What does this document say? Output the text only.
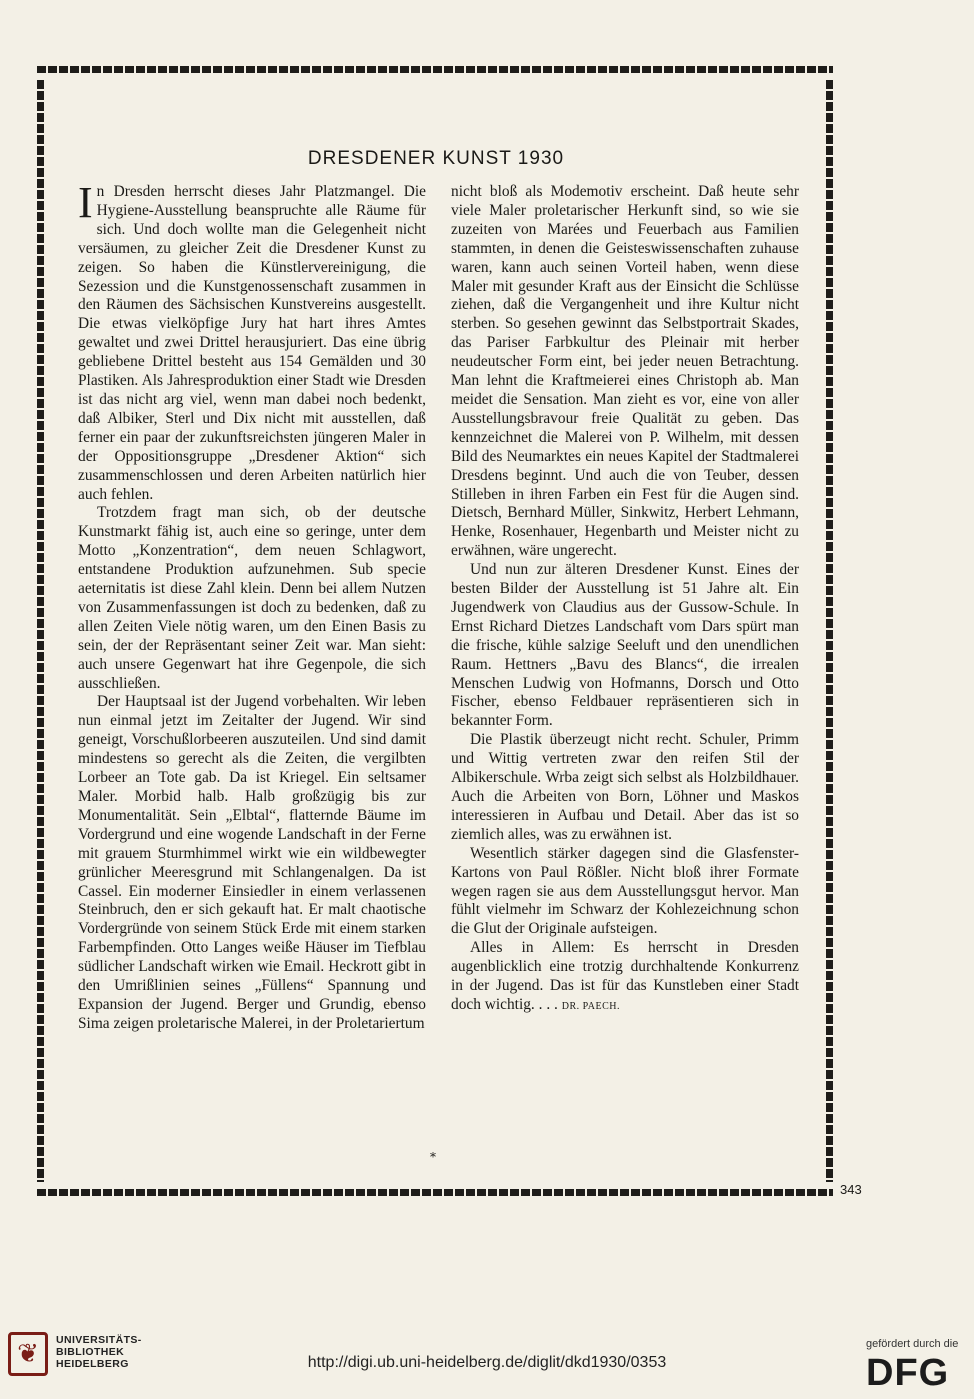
DRESDENER KUNST 1930

In Dresden herrscht dieses Jahr Platzmangel. Die Hygiene-Ausstellung beanspruchte alle Räume für sich. Und doch wollte man die Gelegenheit nicht versäumen, zu gleicher Zeit die Dresdener Kunst zu zeigen. So haben die Künstlervereinigung, die Sezession und die Kunstgenossenschaft zusammen in den Räumen des Sächsischen Kunstvereins ausgestellt. Die etwas vielköpfige Jury hat hart ihres Amtes gewaltet und zwei Drittel herausjuriert. Das eine übrig gebliebene Drittel besteht aus 154 Gemälden und 30 Plastiken. Als Jahresproduktion einer Stadt wie Dresden ist das nicht arg viel, wenn man dabei noch bedenkt, daß Albiker, Sterl und Dix nicht mit ausstellen, daß ferner ein paar der zukunftsreichsten jüngeren Maler in der Oppositionsgruppe „Dresdener Aktion“ sich zusammenschlossen und deren Arbeiten natürlich hier auch fehlen.

Trotzdem fragt man sich, ob der deutsche Kunstmarkt fähig ist, auch eine so geringe, unter dem Motto „Konzentration“, dem neuen Schlagwort, entstandene Produktion aufzunehmen. Sub specie aeternitatis ist diese Zahl klein. Denn bei allem Nutzen von Zusammenfassungen ist doch zu bedenken, daß zu allen Zeiten Viele nötig waren, um den Einen Basis zu sein, der der Repräsentant seiner Zeit war. Man sieht: auch unsere Gegenwart hat ihre Gegenpole, die sich ausschließen.

Der Hauptsaal ist der Jugend vorbehalten. Wir leben nun einmal jetzt im Zeitalter der Jugend. Wir sind geneigt, Vorschußlorbeeren auszuteilen. Und sind damit mindestens so gerecht als die Zeiten, die vergilbten Lorbeer an Tote gab. Da ist Kriegel. Ein seltsamer Maler. Morbid halb. Halb großzügig bis zur Monumentalität. Sein „Elbtal“, flatternde Bäume im Vordergrund und eine wogende Landschaft in der Ferne mit grauem Sturmhimmel wirkt wie ein wildbewegter grünlicher Meeresgrund mit Schlangenalgen. Da ist Cassel. Ein moderner Einsiedler in einem verlassenen Steinbruch, den er sich gekauft hat. Er malt chaotische Vordergründe von seinem Stück Erde mit einem starken Farbempfinden. Otto Langes weiße Häuser im Tiefblau südlicher Landschaft wirken wie Email. Heckrott gibt in den Umrißlinien seines „Füllens“ Spannung und Expansion der Jugend. Berger und Grundig, ebenso Sima zeigen proletarische Malerei, in der Proletariertum

nicht bloß als Modemotiv erscheint. Daß heute sehr viele Maler proletarischer Herkunft sind, so wie sie zuzeiten von Marées und Feuerbach aus Familien stammten, in denen die Geisteswissenschaften zuhause waren, kann auch seinen Vorteil haben, wenn diese Maler mit gesunder Kraft aus der Einsicht die Schlüsse ziehen, daß die Vergangenheit und ihre Kultur nicht sterben. So gesehen gewinnt das Selbstportrait Skades, das Pariser Farbkultur des Pleinair mit herber neudeutscher Form eint, bei jeder neuen Betrachtung. Man lehnt die Kraftmeierei eines Christoph ab. Man meidet die Sensation. Man zieht es vor, eine von aller Ausstellungsbravour freie Qualität zu geben. Das kennzeichnet die Malerei von P. Wilhelm, mit dessen Bild des Neumarktes ein neues Kapitel der Stadtmalerei Dresdens beginnt. Und auch die von Teuber, dessen Stilleben in ihren Farben ein Fest für die Augen sind. Dietsch, Bernhard Müller, Sinkwitz, Herbert Lehmann, Henke, Rosenhauer, Hegenbarth und Meister nicht zu erwähnen, wäre ungerecht.

Und nun zur älteren Dresdener Kunst. Eines der besten Bilder der Ausstellung ist 51 Jahre alt. Ein Jugendwerk von Claudius aus der Gussow-Schule. In Ernst Richard Dietzes Landschaft vom Dars spürt man die frische, kühle salzige Seeluft und den unendlichen Raum. Hettners „Bavu des Blancs“, die irrealen Menschen Ludwig von Hofmanns, Dorsch und Otto Fischer, ebenso Feldbauer repräsentieren sich in bekannter Form.

Die Plastik überzeugt nicht recht. Schuler, Primm und Wittig vertreten zwar den reifen Stil der Albikerschule. Wrba zeigt sich selbst als Holzbildhauer. Auch die Arbeiten von Born, Löhner und Maskos interessieren in Aufbau und Detail. Aber das ist so ziemlich alles, was zu erwähnen ist.

Wesentlich stärker dagegen sind die Glasfenster-Kartons von Paul Rößler. Nicht bloß ihrer Formate wegen ragen sie aus dem Ausstellungsgut hervor. Man fühlt vielmehr im Schwarz der Kohlezeichnung schon die Glut der Originale aufsteigen.

Alles in Allem: Es herrscht in Dresden augenblicklich eine trotzig durchhaltende Konkurrenz in der Jugend. Das ist für das Kunstleben einer Stadt doch wichtig. . . . DR. PAECH.

*
343
❦	UNIVERSITÄTS-
BIBLIOTHEK
HEIDELBERG	http://digi.ub.uni-heidelberg.de/diglit/dkd1930/0353
gefördert durch die
DFG
